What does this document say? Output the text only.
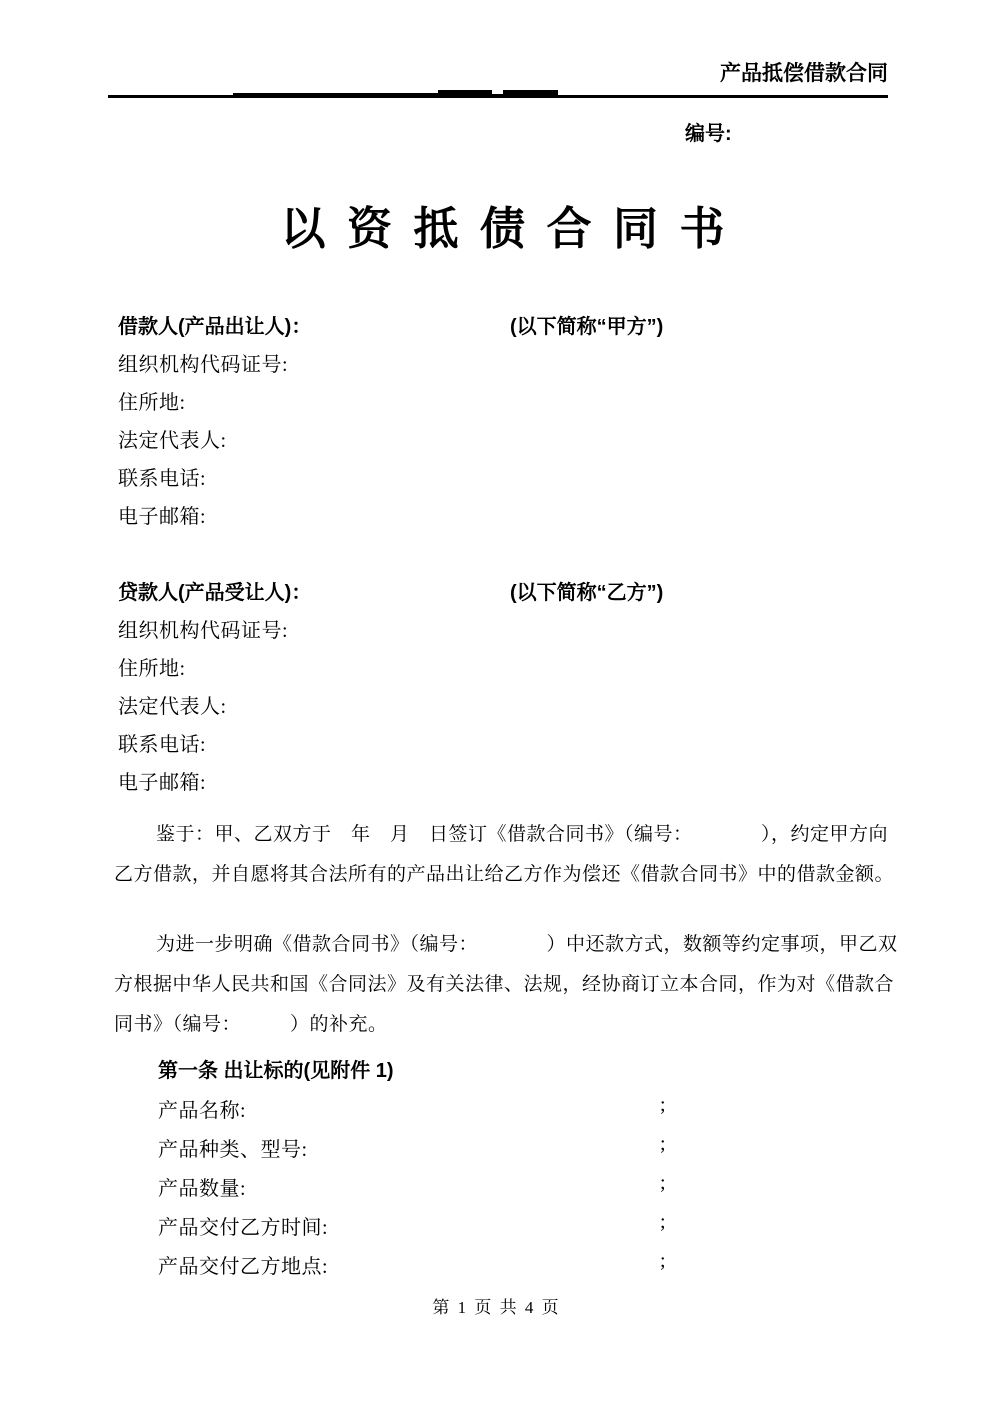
产品抵偿借款合同
编号:
以 资 抵 债 合 同 书
借款人(产品出让人)：	(以下简称“甲方”)
组织机构代码证号:
住所地:
法定代表人:
联系电话:
电子邮箱:
贷款人(产品受让人)：	(以下简称“乙方”)
组织机构代码证号:
住所地:
法定代表人:
联系电话:
电子邮箱:
鉴于：甲、乙双方于　年　月　日签订《借款合同书》（编号：　　　　），约定甲方向
乙方借款，并自愿将其合法所有的产品出让给乙方作为偿还《借款合同书》中的借款金额。
为进一步明确《借款合同书》（编号：　　　　）中还款方式，数额等约定事项，甲乙双
方根据中华人民共和国《合同法》及有关法律、法规，经协商订立本合同，作为对《借款合
同书》（编号：　　　）的补充。
第一条 出让标的(见附件 1)
产品名称:	;
产品种类、型号:	;
产品数量:	;
产品交付乙方时间:	;
产品交付乙方地点:	;
第 1 页 共 4 页
